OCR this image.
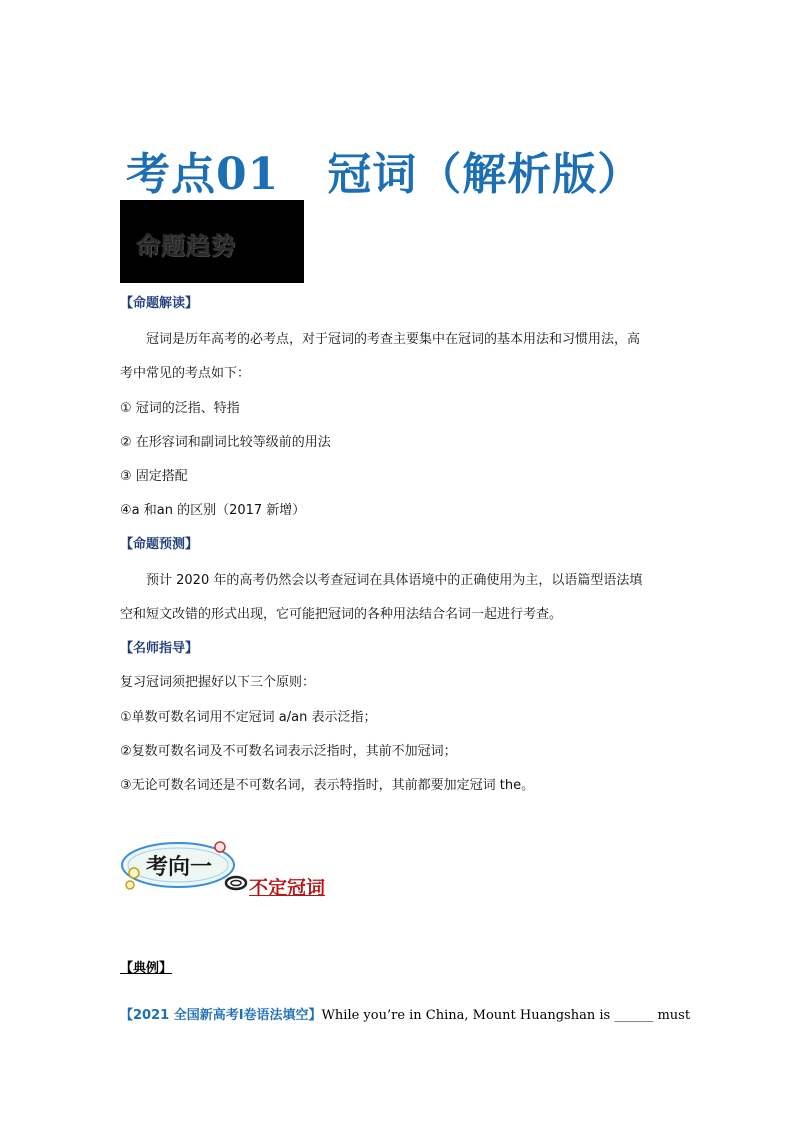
考点01 冠词（解析版）
命题趋势
【命题解读】
冠词是历年高考的必考点，对于冠词的考查主要集中在冠词的基本用法和习惯用法，高
考中常见的考点如下：
① 冠词的泛指、特指
② 在形容词和副词比较等级前的用法
③ 固定搭配
④a 和an 的区别（2017 新增）
【命题预测】
预计 2020 年的高考仍然会以考查冠词在具体语境中的正确使用为主，以语篇型语法填
空和短文改错的形式出现，它可能把冠词的各种用法结合名词一起进行考查。
【名师指导】
复习冠词须把握好以下三个原则：
①单数可数名词用不定冠词 a/an 表示泛指；
②复数可数名词及不可数名词表示泛指时，其前不加冠词；
③无论可数名词还是不可数名词，表示特指时，其前都要加定冠词 the。
考向一
不定冠词
【典例】
【2021 全国新高考Ⅰ卷语法填空】While you’re in China, Mount Huangshan is ______ must
